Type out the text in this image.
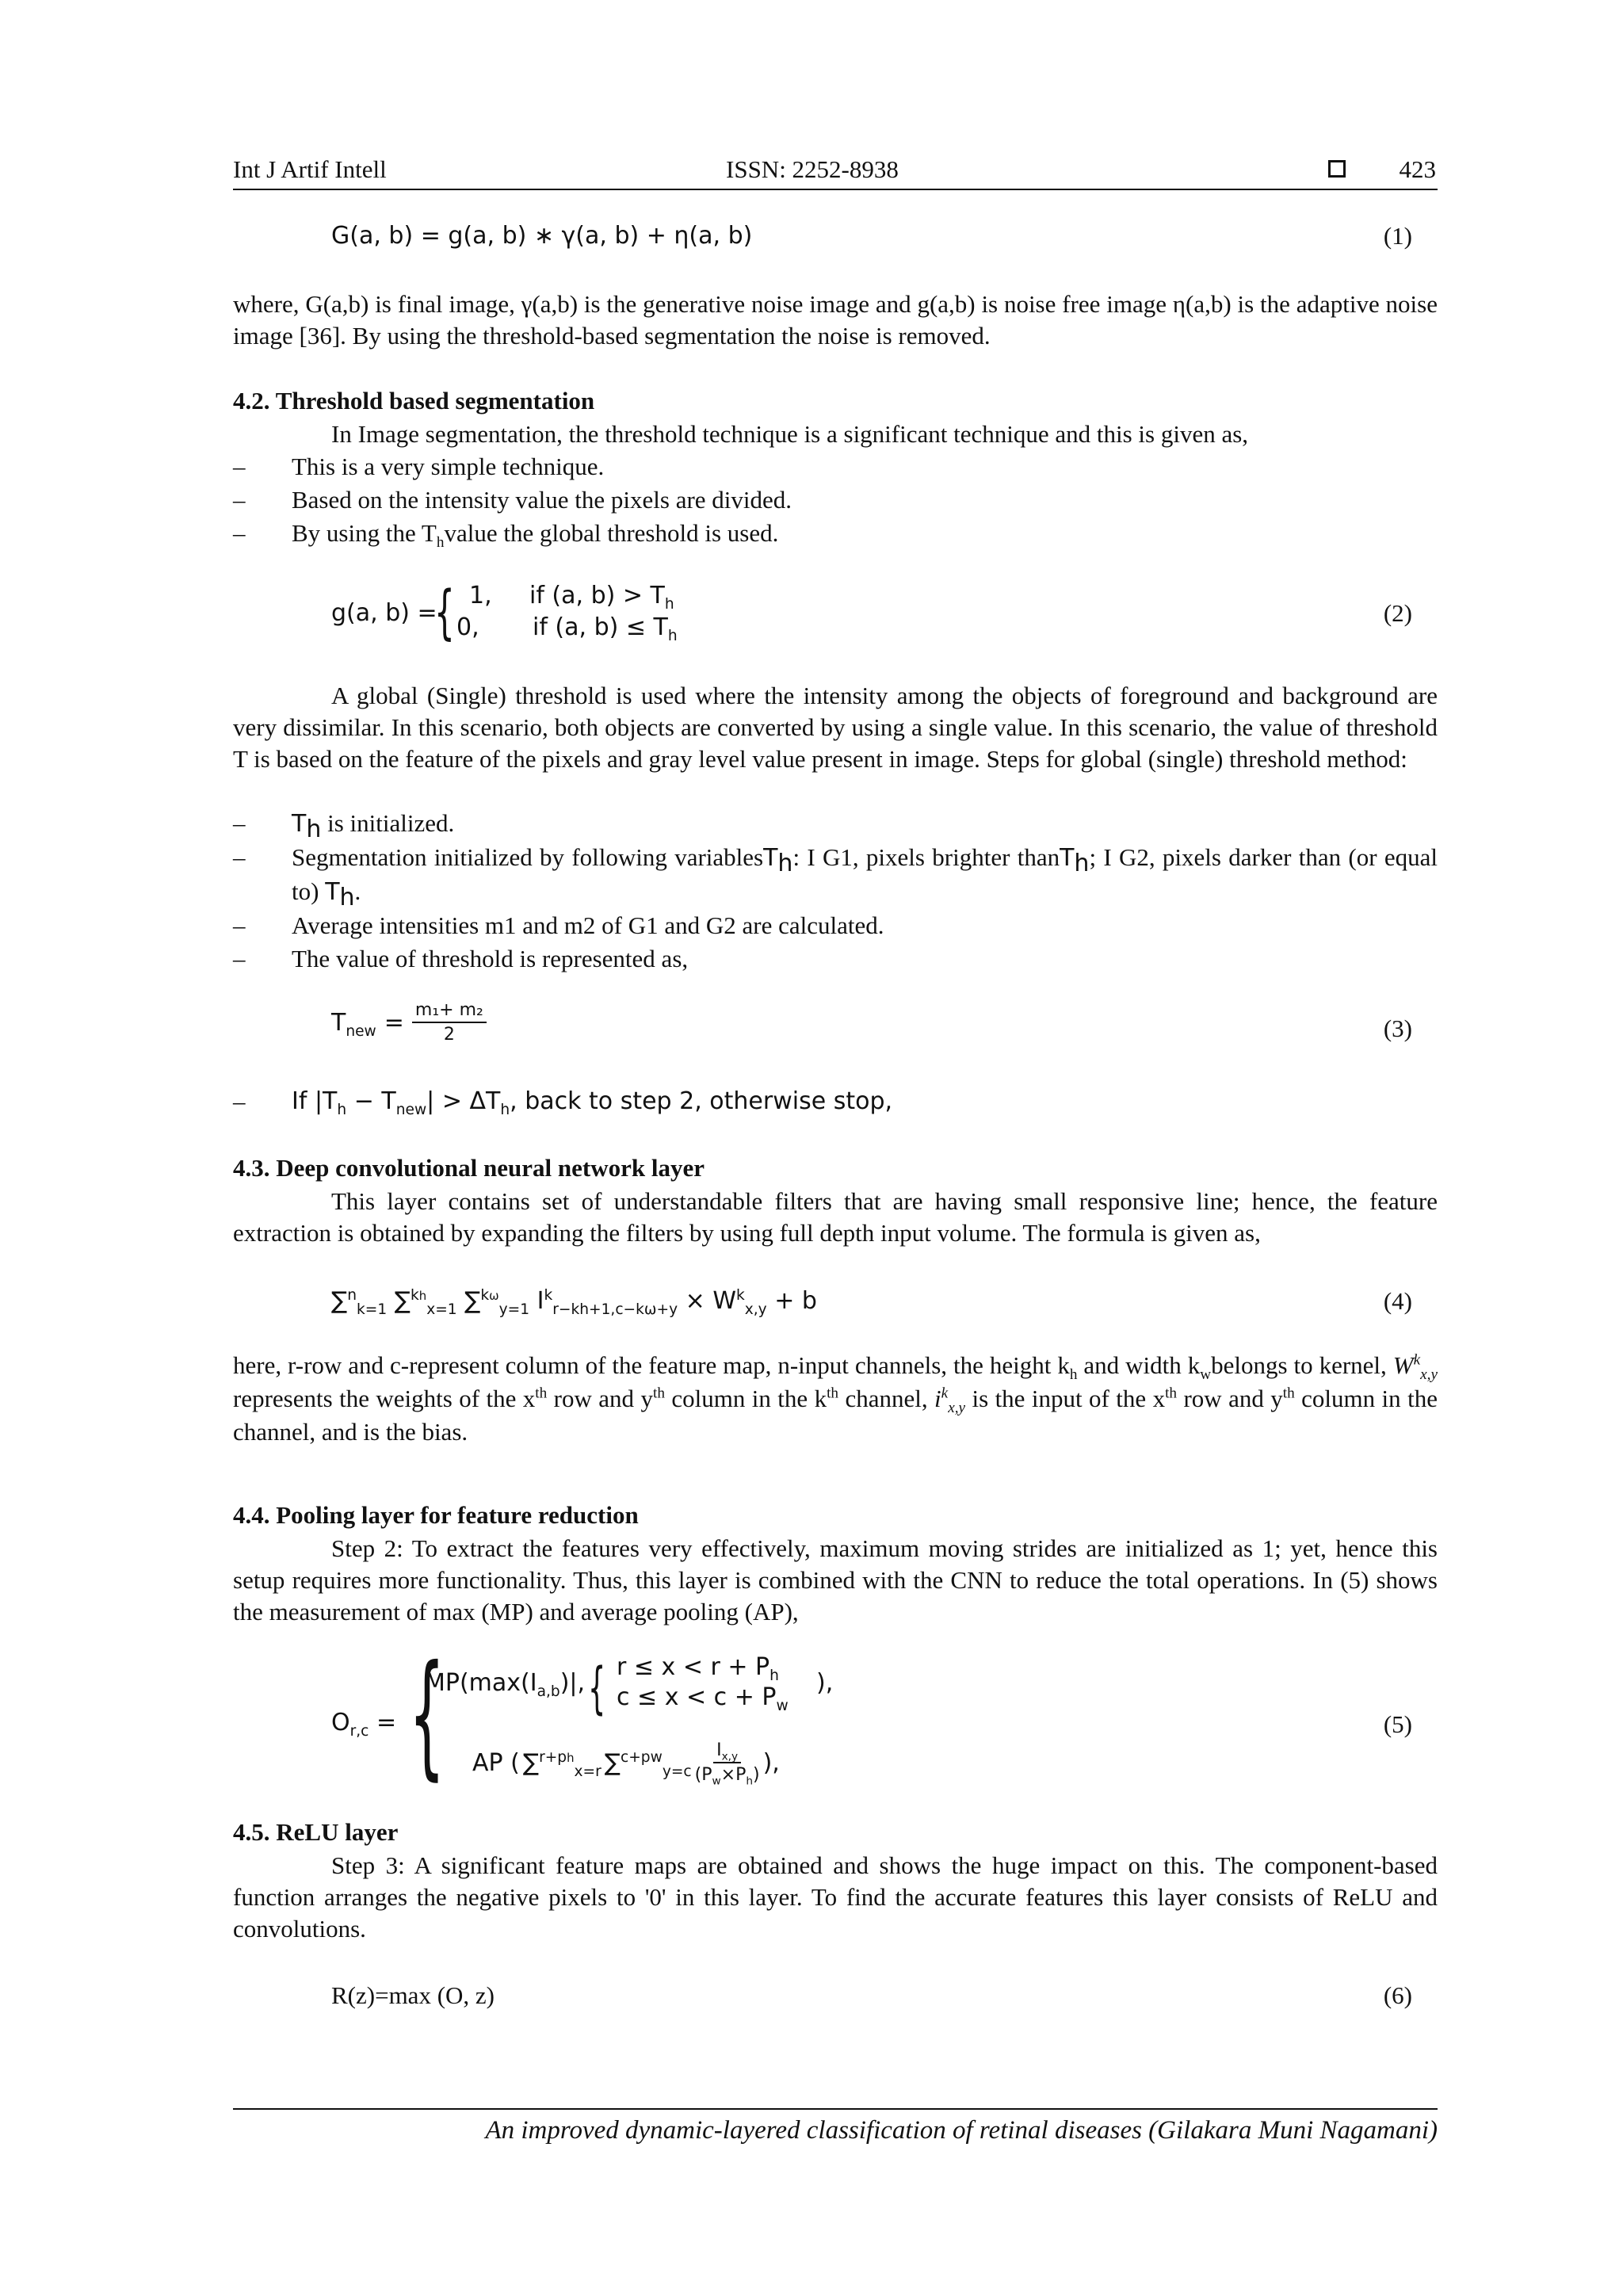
Int J Artif Intell	ISSN: 2252-8938	423
G(a, b) = g(a, b) ∗ γ(a, b) + η(a, b)	(1)

where, G(a,b) is final image, γ(a,b) is the generative noise image and g(a,b) is noise free image η(a,b) is the adaptive noise image [36]. By using the threshold-based segmentation the noise is removed.

4.2. Threshold based segmentation

In Image segmentation, the threshold technique is a significant technique and this is given as,

– This is a very simple technique.
– Based on the intensity value the pixels are divided.
– By using the $T_hvalue$ the global threshold is used.
g(a, b) =
{ 1, if (a, $b) > T_h$
0, if (a, $b) \le T_h$
(2)

A global (Single) threshold is used where the intensity among the objects of foreground and background are very dissimilar. In this scenario, both objects are converted by using a single value. In this scenario, the value of threshold T is based on the feature of the pixels and gray level value present in image. Steps for global (single) threshold method:

– $T_h$ is initialized.
– Segmentation initialized by following variablesT$_h$: I G1, pixels brighter thanT$_h$; I G2, pixels darker than (or equal to) $T_h$.
– Average intensities m1 and m2 of G1 and G2 are calculated.
– The value of threshold is represented as,
$T_{new} = \frac{\text{m₁+ m₂}}{2}$	(3)
– If $|T_h - T_{new}| > \Delta T_h$, back to step 2, otherwise stop,

4.3. Deep convolutional neural network layer

This layer contains set of understandable filters that are having small responsive line; hence, the feature extraction is obtained by expanding the filters by using full depth input volume. The formula is given as,

∑$^n_{k=1}$ ∑$^{kh}_{x=1}$ ∑$^{k\omega}_{y=1}$ $I^k_{r-kh+1,c-k\omega+y} \times W^k_{x,y} + b$	(4)

here, r-row and c-represent column of the feature map, n-input channels, the height $k_h$ and width $k_wbelongs$ to kernel, $W^k_{x,y}$ represents the weights of the $x^{th}$ row and $y^{th}$ column in the $k^{th}$ channel, $i^k_{x,y}$ is the input of the $x^{th}$ row and $y^{th}$ column in the channel, and is the bias.

4.4. Pooling layer for feature reduction

Step 2: To extract the features very effectively, maximum moving strides are initialized as 1; yet, hence this setup requires more functionality. Thus, this layer is combined with the CNN to reduce the total operations. In (5) shows the measurement of max (MP) and average pooling (AP),

$O_{r,c}$ = {
$MP(\max(I_{a,b})|$, { $r \le x < r + P_h$
$c \le x < c + P_w$
),
AP ( ∑$^{r+ph}_{x=r}$ $\sum^{c+pw}_{y=c} \frac{I_{x,y}}{(P_w\times P_h)}$ ),
(5)

4.5. ReLU layer

Step 3: A significant feature maps are obtained and shows the huge impact on this. The component-based function arranges the negative pixels to '0' in this layer. To find the accurate features this layer consists of ReLU and convolutions.

R(z)=max (O, z)	(6)
An improved dynamic-layered classification of retinal diseases (Gilakara Muni Nagamani)
